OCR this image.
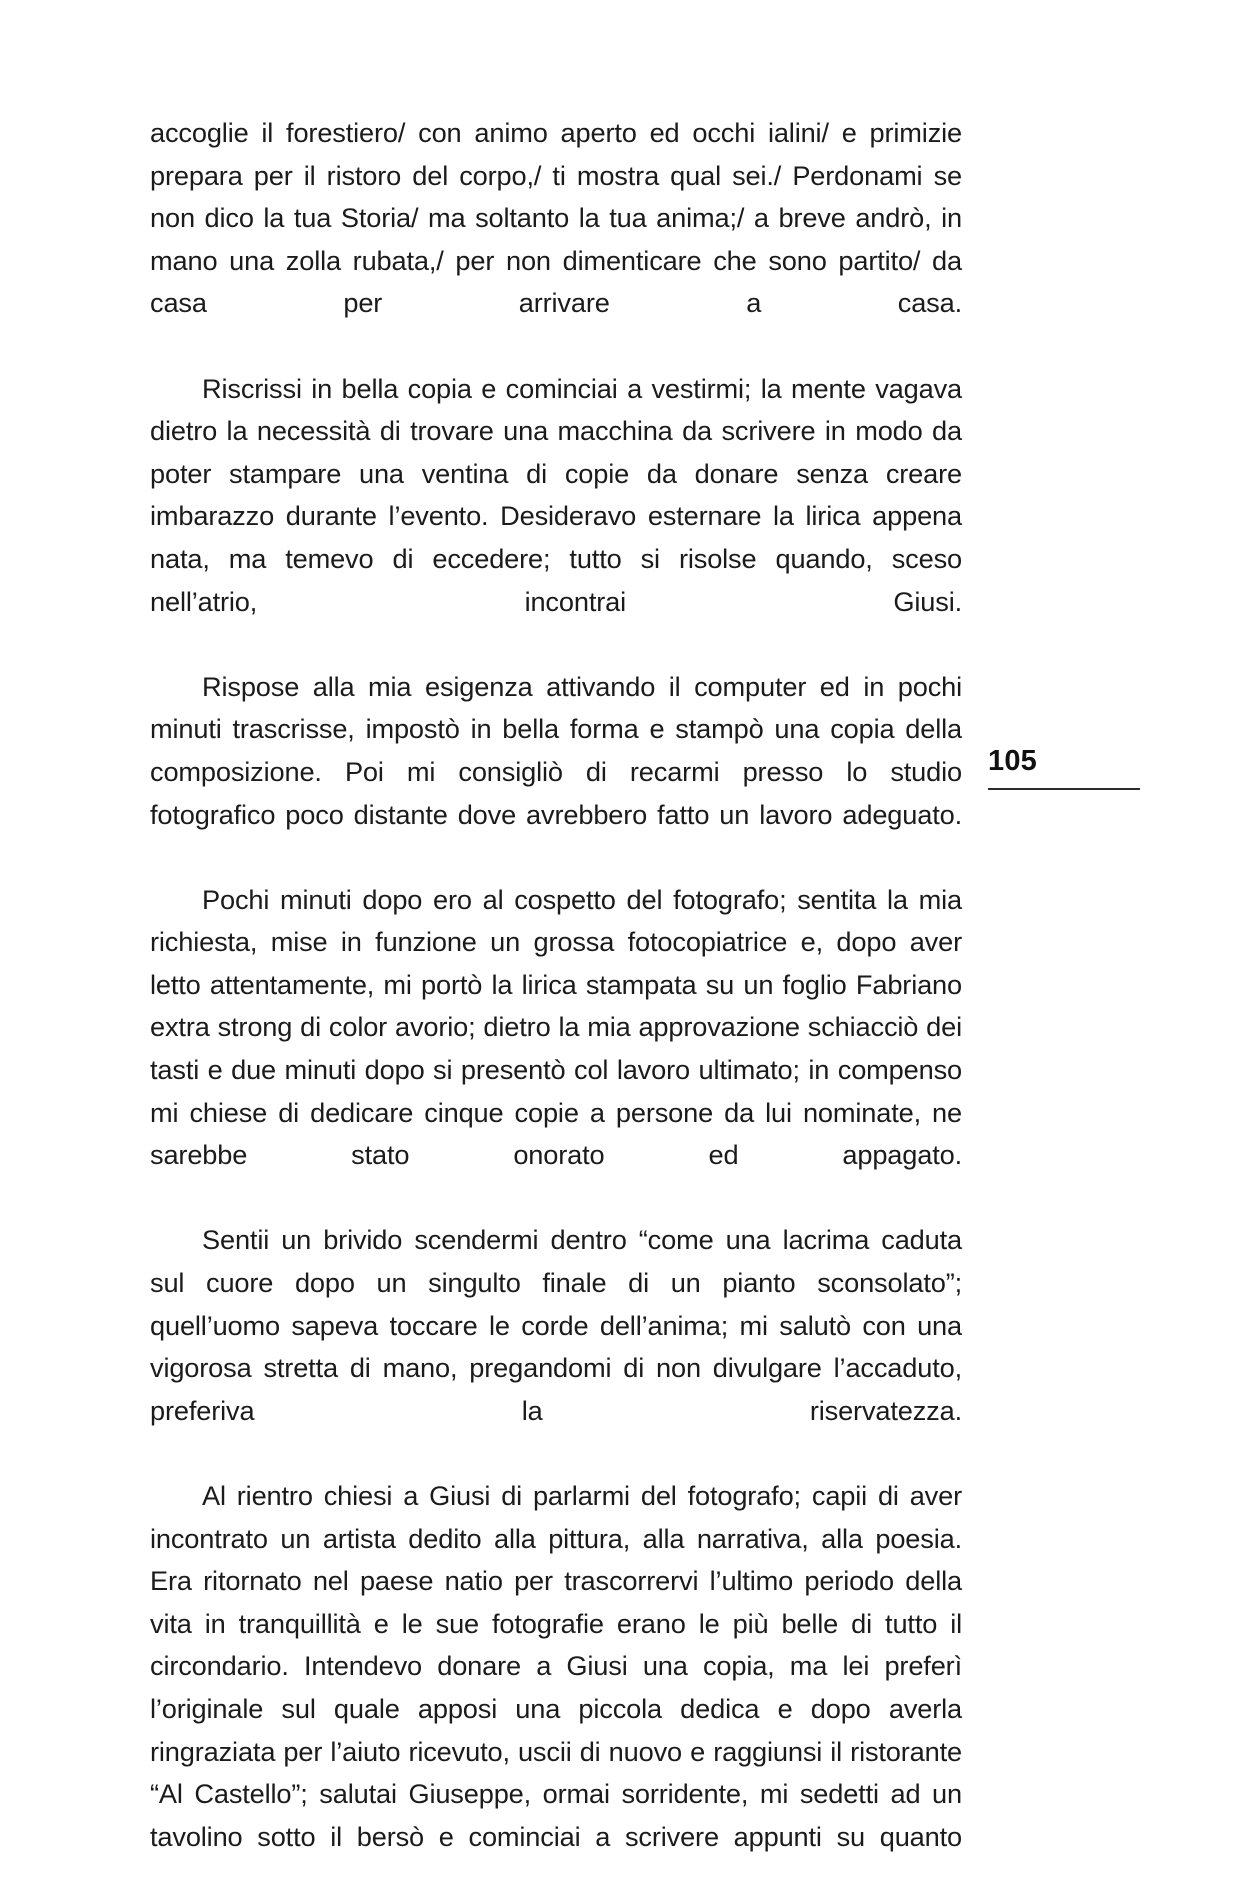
accoglie il forestiero/ con animo aperto ed occhi ialini/ e primizie prepara per il ristoro del corpo,/ ti mostra qual sei./ Perdonami se non dico la tua Storia/ ma soltanto la tua anima;/ a breve andrò, in mano una zolla rubata,/ per non dimenticare che sono partito/ da casa per arrivare a casa.

Riscrissi in bella copia e cominciai a vestirmi; la mente vagava dietro la necessità di trovare una macchina da scrivere in modo da poter stampare una ventina di copie da donare senza creare imbarazzo durante l’evento. Desideravo esternare la lirica appena nata, ma temevo di eccedere; tutto si risolse quando, sceso nell’atrio, incontrai Giusi.

Rispose alla mia esigenza attivando il computer ed in pochi minuti trascrisse, impostò in bella forma e stampò una copia della composizione. Poi mi consigliò di recarmi presso lo studio fotografico poco distante dove avrebbero fatto un lavoro adeguato.

Pochi minuti dopo ero al cospetto del fotografo; sentita la mia richiesta, mise in funzione un grossa fotocopiatrice e, dopo aver letto attentamente, mi portò la lirica stampata su un foglio Fabriano extra strong di color avorio; dietro la mia approvazione schiacciò dei tasti e due minuti dopo si presentò col lavoro ultimato; in compenso mi chiese di dedicare cinque copie a persone da lui nominate, ne sarebbe stato onorato ed appagato.

Sentii un brivido scendermi dentro “come una lacrima caduta sul cuore dopo un singulto finale di un pianto sconsolato”; quell’uomo sapeva toccare le corde dell’anima; mi salutò con una vigorosa stretta di mano, pregandomi di non divulgare l’accaduto, preferiva la riservatezza.

Al rientro chiesi a Giusi di parlarmi del fotografo; capii di aver incontrato un artista dedito alla pittura, alla narrativa, alla poesia. Era ritornato nel paese natio per trascorrervi l’ultimo periodo della vita in tranquillità e le sue fotografie erano le più belle di tutto il circondario. Intendevo donare a Giusi una copia, ma lei preferì l’originale sul quale apposi una piccola dedica e dopo averla ringraziata per l’aiuto ricevuto, uscii di nuovo e raggiunsi il ristorante “Al Castello”; salutai Giuseppe, ormai sorridente, mi sedetti ad un tavolino sotto il bersò e cominciai a scrivere appunti su quanto

105
